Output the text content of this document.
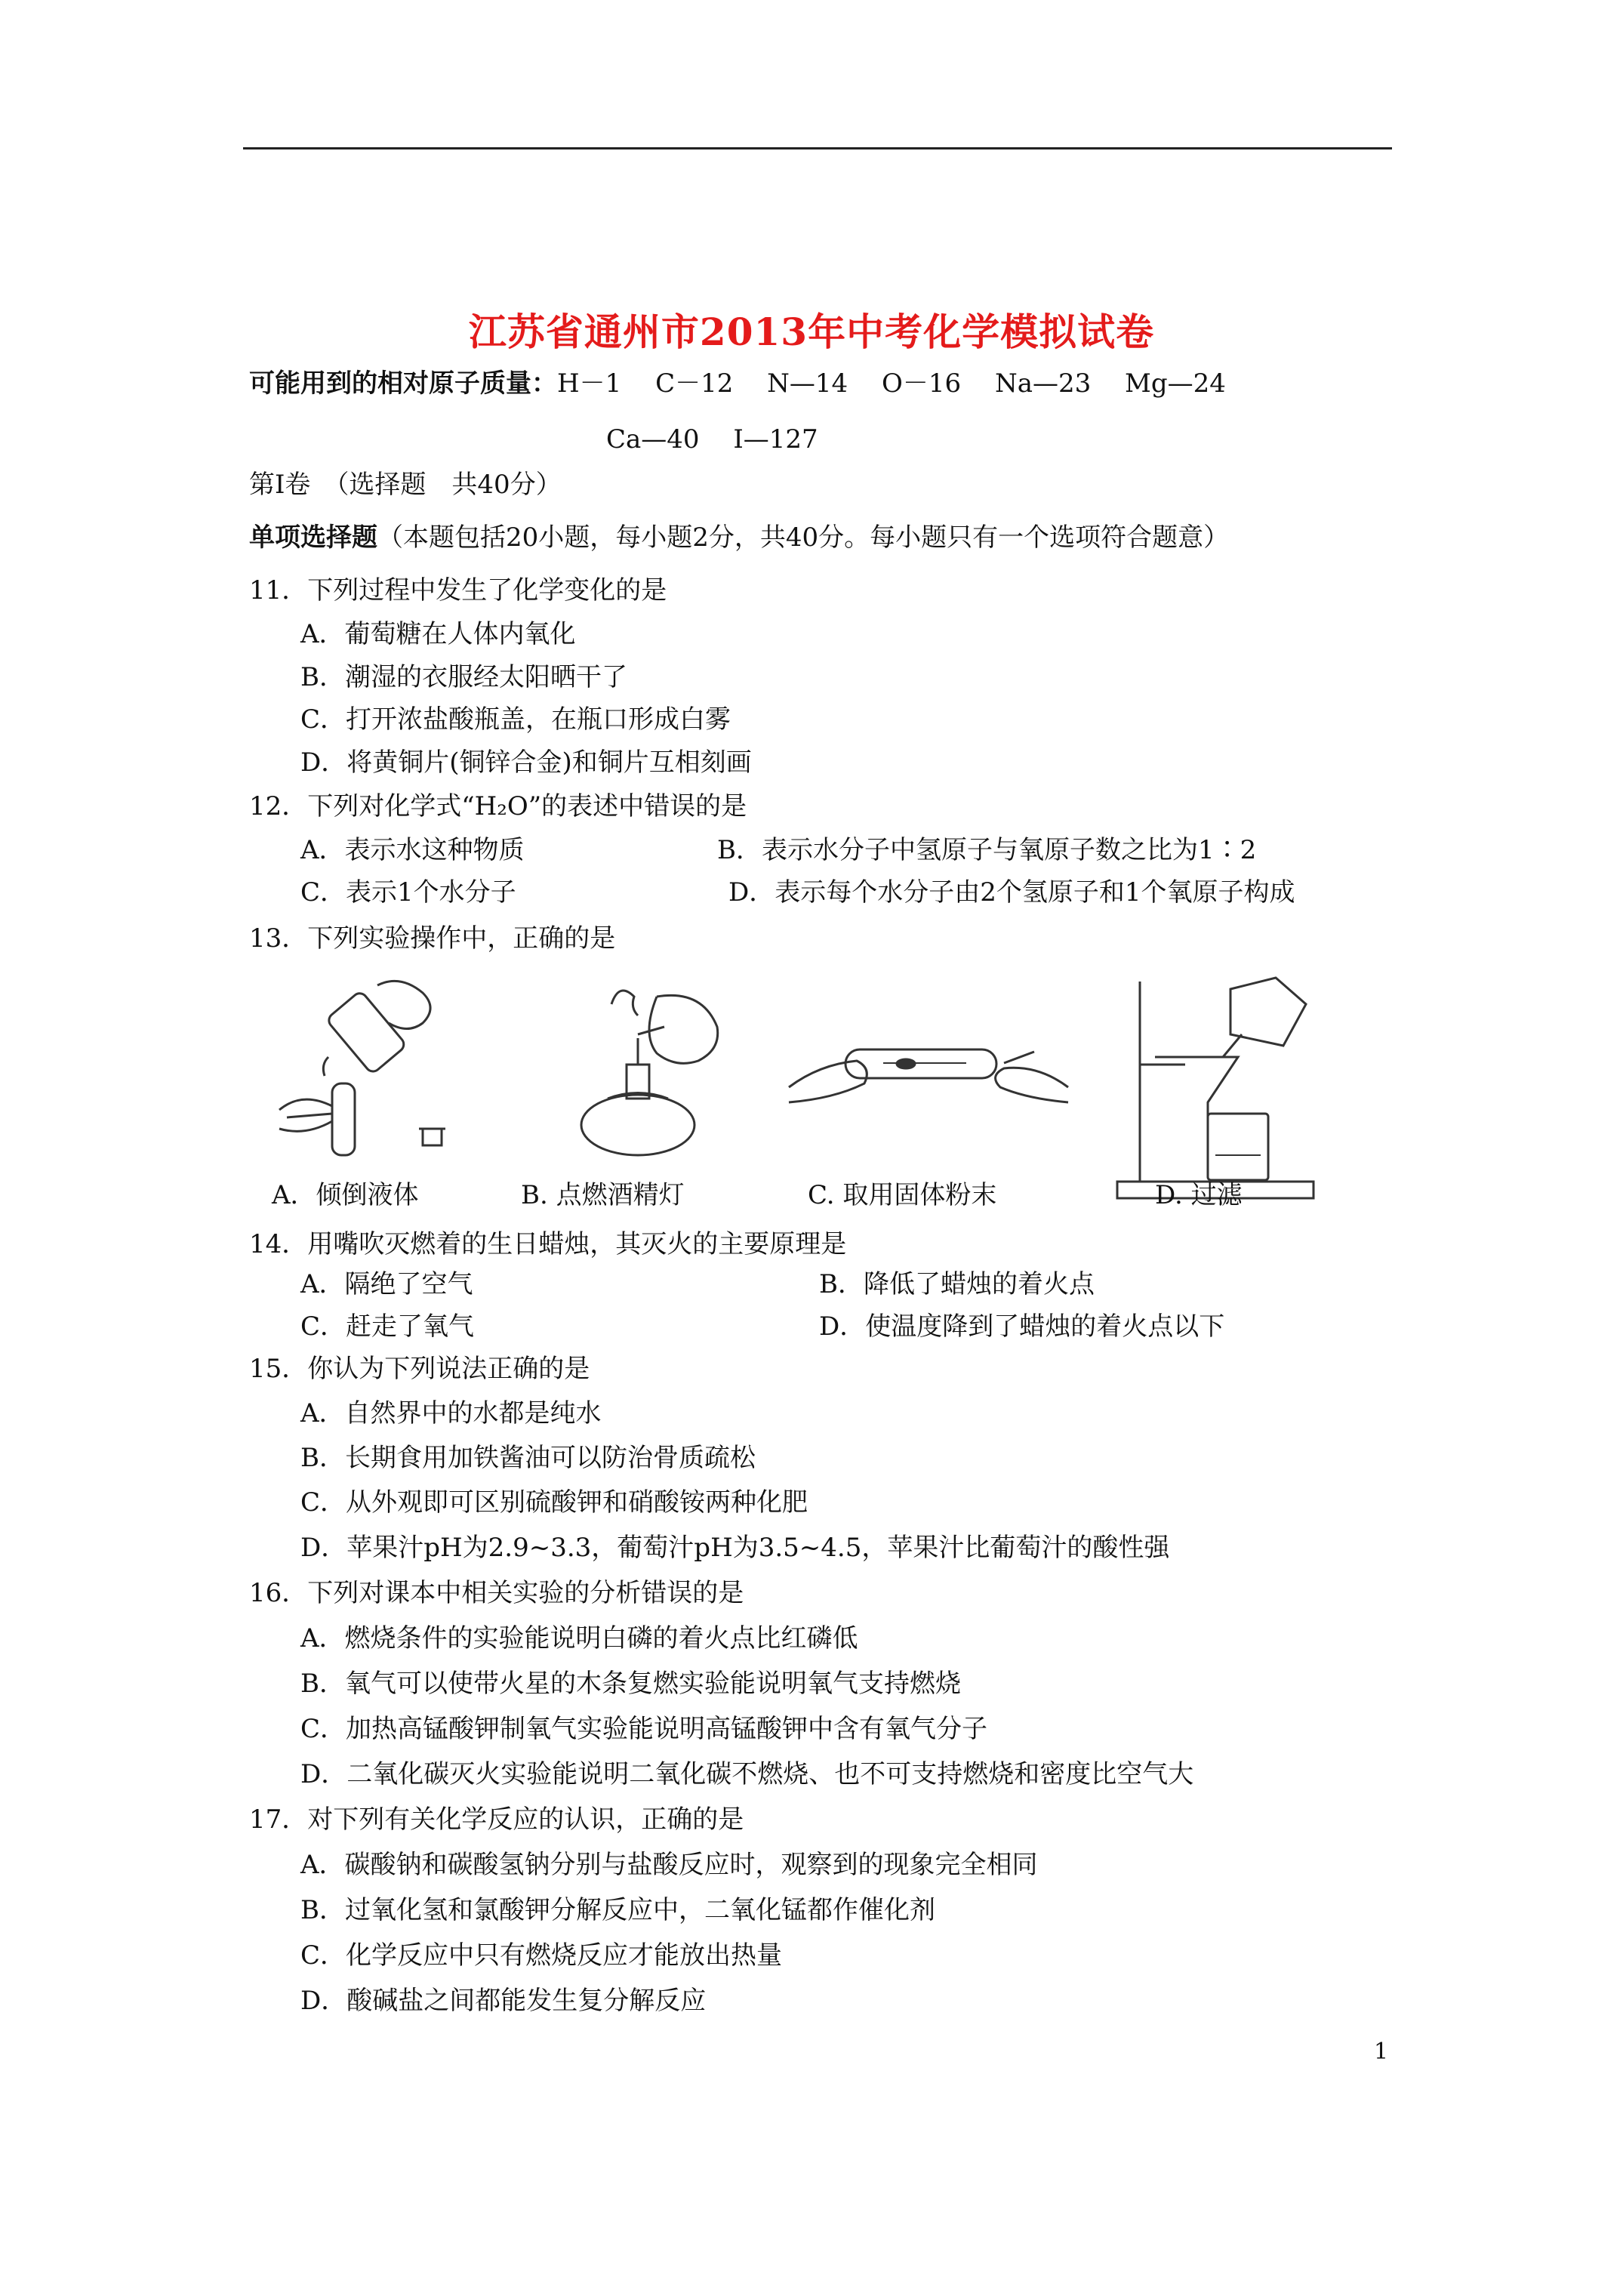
江苏省通州市2013年中考化学模拟试卷
可能用到的相对原子质量：H－1　 C－12　 N—14　 O－16　 Na—23　 Mg—24
Ca—40　 I—127
第Ⅰ卷　（选择题　共40分）
单项选择题（本题包括20小题，每小题2分，共40分。每小题只有一个选项符合题意）
11．下列过程中发生了化学变化的是
A．葡萄糖在人体内氧化
B．潮湿的衣服经太阳晒干了
C．打开浓盐酸瓶盖，在瓶口形成白雾
D．将黄铜片(铜锌合金)和铜片互相刻画
12．下列对化学式“H₂O”的表述中错误的是
A．表示水这种物质	B．表示水分子中氢原子与氧原子数之比为1∶2
C．表示1个水分子	D．表示每个水分子由2个氢原子和1个氧原子构成
13．下列实验操作中，正确的是
A．倾倒液体	B. 点燃酒精灯	C. 取用固体粉末	D. 过滤
14．用嘴吹灭燃着的生日蜡烛，其灭火的主要原理是
A．隔绝了空气	B．降低了蜡烛的着火点
C．赶走了氧气	D．使温度降到了蜡烛的着火点以下
15．你认为下列说法正确的是
A．自然界中的水都是纯水
B．长期食用加铁酱油可以防治骨质疏松
C．从外观即可区别硫酸钾和硝酸铵两种化肥
D．苹果汁pH为2.9~3.3，葡萄汁pH为3.5~4.5，苹果汁比葡萄汁的酸性强
16．下列对课本中相关实验的分析错误的是
A．燃烧条件的实验能说明白磷的着火点比红磷低
B．氧气可以使带火星的木条复燃实验能说明氧气支持燃烧
C．加热高锰酸钾制氧气实验能说明高锰酸钾中含有氧气分子
D．二氧化碳灭火实验能说明二氧化碳不燃烧、也不可支持燃烧和密度比空气大
17．对下列有关化学反应的认识，正确的是
A．碳酸钠和碳酸氢钠分别与盐酸反应时，观察到的现象完全相同
B．过氧化氢和氯酸钾分解反应中，二氧化锰都作催化剂
C．化学反应中只有燃烧反应才能放出热量
D．酸碱盐之间都能发生复分解反应
1
